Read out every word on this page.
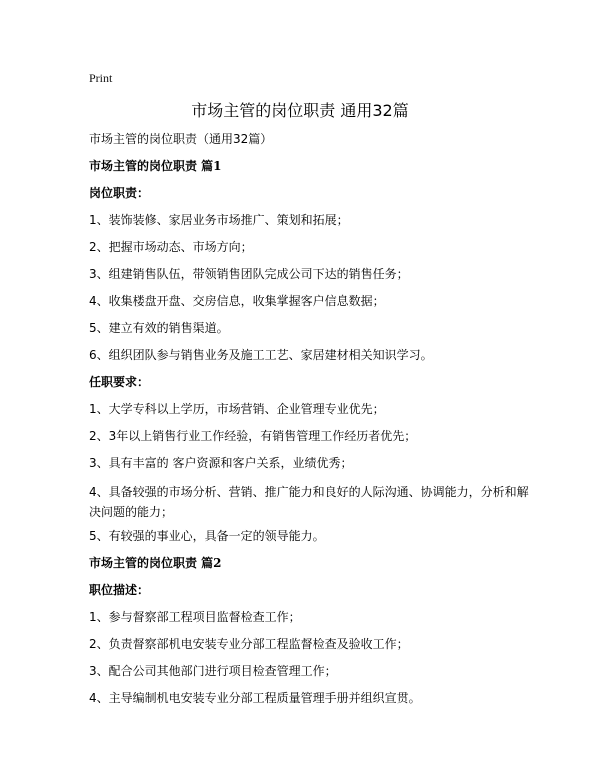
Print
市场主管的岗位职责 通用32篇

市场主管的岗位职责（通用32篇）

市场主管的岗位职责 篇1

岗位职责：

1、装饰装修、家居业务市场推广、策划和拓展；

2、把握市场动态、市场方向；

3、组建销售队伍，带领销售团队完成公司下达的销售任务；

4、收集楼盘开盘、交房信息，收集掌握客户信息数据；

5、建立有效的销售渠道。

6、组织团队参与销售业务及施工工艺、家居建材相关知识学习。

任职要求：

1、大学专科以上学历，市场营销、企业管理专业优先；

2、3年以上销售行业工作经验，有销售管理工作经历者优先；

3、具有丰富的 客户资源和客户关系，业绩优秀；

4、具备较强的市场分析、营销、推广能力和良好的人际沟通、协调能力，分析和解决问题的能力；

5、有较强的事业心，具备一定的领导能力。

市场主管的岗位职责 篇2

职位描述：

1、参与督察部工程项目监督检查工作；

2、负责督察部机电安装专业分部工程监督检查及验收工作；

3、配合公司其他部门进行项目检查管理工作；

4、主导编制机电安装专业分部工程质量管理手册并组织宣贯。
